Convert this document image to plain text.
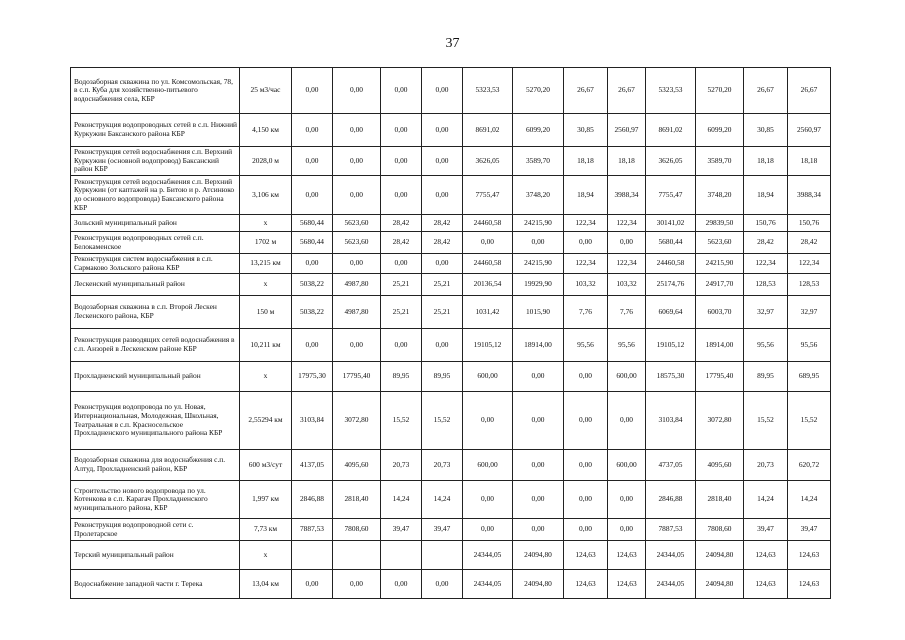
37
Водозаборная скважина по ул. Комсомольская, 78, в с.п. Куба для хозяйственно-питьевого водоснабжения села, КБР	25 м3/час	0,00	0,00	0,00	0,00	5323,53	5270,20	26,67	26,67	5323,53	5270,20	26,67	26,67
Реконструкция водопроводных сетей в с.п. Нижний Куркужин Баксанского района КБР	4,150 км	0,00	0,00	0,00	0,00	8691,02	6099,20	30,85	2560,97	8691,02	6099,20	30,85	2560,97
Реконструкция сетей водоснабжения с.п. Верхний Куркужин (основной водопровод) Баксанский район КБР	2028,0 м	0,00	0,00	0,00	0,00	3626,05	3589,70	18,18	18,18	3626,05	3589,70	18,18	18,18
Реконструкция сетей водоснабжения с.п. Верхний Куркужин (от каптажей на р. Битою и р. Атсинюко до основного водопровода) Баксанского района КБР	3,106 км	0,00	0,00	0,00	0,00	7755,47	3748,20	18,94	3988,34	7755,47	3748,20	18,94	3988,34
Зольский муниципальный район	х	5680,44	5623,60	28,42	28,42	24460,58	24215,90	122,34	122,34	30141,02	29839,50	150,76	150,76
Реконструкция водопроводных сетей с.п. Белокаменское	1702 м	5680,44	5623,60	28,42	28,42	0,00	0,00	0,00	0,00	5680,44	5623,60	28,42	28,42
Реконструкция систем водоснабжения в с.п. Сармаково Зольского района КБР	13,215 км	0,00	0,00	0,00	0,00	24460,58	24215,90	122,34	122,34	24460,58	24215,90	122,34	122,34
Лескенский муниципальный район	х	5038,22	4987,80	25,21	25,21	20136,54	19929,90	103,32	103,32	25174,76	24917,70	128,53	128,53
Водозаборная скважина в с.п. Второй Лескен Лескенского района, КБР	150 м	5038,22	4987,80	25,21	25,21	1031,42	1015,90	7,76	7,76	6069,64	6003,70	32,97	32,97
Реконструкция разводящих сетей водоснабжения в с.п. Анзорей в Лескенском районе КБР	10,211 км	0,00	0,00	0,00	0,00	19105,12	18914,00	95,56	95,56	19105,12	18914,00	95,56	95,56
Прохладненский муниципальный район	х	17975,30	17795,40	89,95	89,95	600,00	0,00	0,00	600,00	18575,30	17795,40	89,95	689,95
Реконструкция водопровода по ул. Новая, Интернациональная, Молодежная, Школьная, Театральная в с.п. Красносельское Прохладненского муниципального района КБР	2,55294 км	3103,84	3072,80	15,52	15,52	0,00	0,00	0,00	0,00	3103,84	3072,80	15,52	15,52
Водозаборная скважина для водоснабжения с.п. Алтуд, Прохладненский район, КБР	600 м3/сут	4137,05	4095,60	20,73	20,73	600,00	0,00	0,00	600,00	4737,05	4095,60	20,73	620,72
Строительство нового водопровода по ул. Котенкова в с.п. Карагач Прохладненского муниципального района, КБР	1,997 км	2846,88	2818,40	14,24	14,24	0,00	0,00	0,00	0,00	2846,88	2818,40	14,24	14,24
Реконструкция водопроводной сети с. Пролетарское	7,73 км	7887,53	7808,60	39,47	39,47	0,00	0,00	0,00	0,00	7887,53	7808,60	39,47	39,47
Терский муниципальный район	х					24344,05	24094,80	124,63	124,63	24344,05	24094,80	124,63	124,63
Водоснабжение западной части г. Терека	13,04 км	0,00	0,00	0,00	0,00	24344,05	24094,80	124,63	124,63	24344,05	24094,80	124,63	124,63
